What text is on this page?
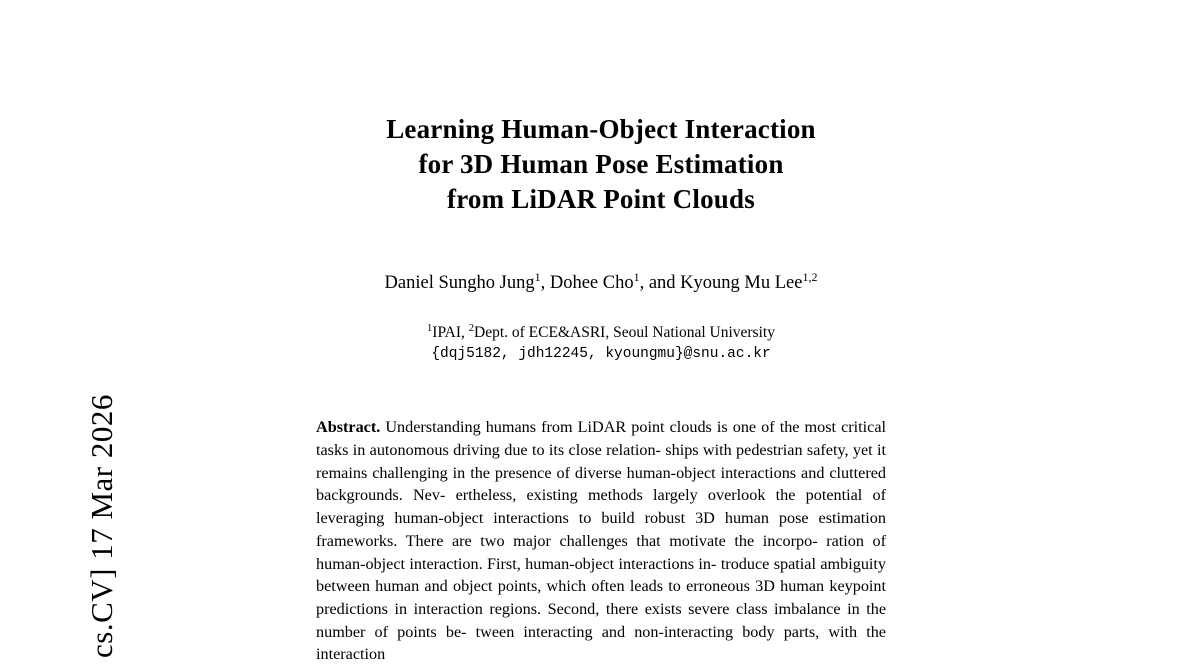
cs.CV] 17 Mar 2026
Learning Human-Object Interaction
for 3D Human Pose Estimation
from LiDAR Point Clouds
Daniel Sungho Jung$^1$, Dohee Cho$^1$, and Kyoung Mu Lee$^{1,2}$
$^1$IPAI, $^2$Dept. of ECE&ASRI, Seoul National University
{dqj5182, jdh12245, kyoungmu}@snu.ac.kr
Abstract. Understanding humans from LiDAR point clouds is one of the most critical tasks in autonomous driving due to its close relation- ships with pedestrian safety, yet it remains challenging in the presence of diverse human-object interactions and cluttered backgrounds. Nev- ertheless, existing methods largely overlook the potential of leveraging human-object interactions to build robust 3D human pose estimation frameworks. There are two major challenges that motivate the incorpo- ration of human-object interaction. First, human-object interactions in- troduce spatial ambiguity between human and object points, which often leads to erroneous 3D human keypoint predictions in interaction regions. Second, there exists severe class imbalance in the number of points be- tween interacting and non-interacting body parts, with the interaction
